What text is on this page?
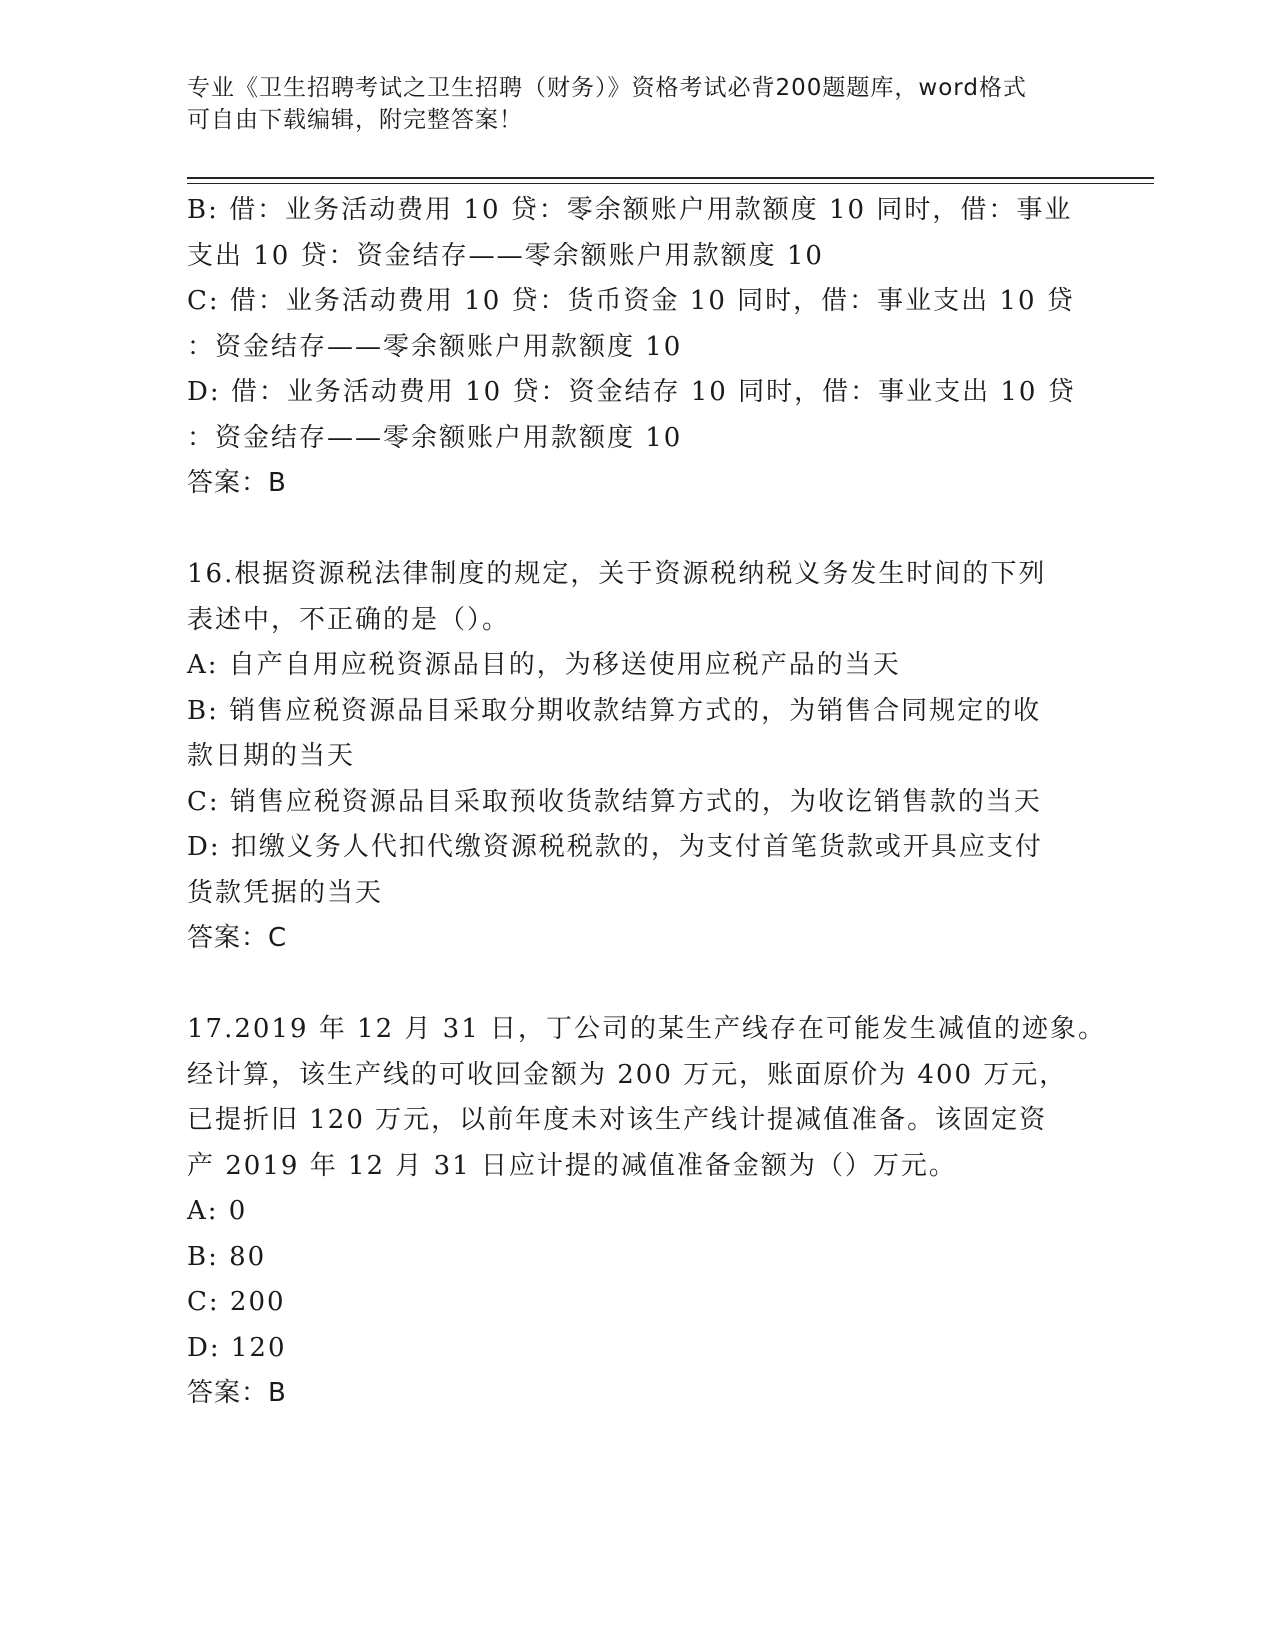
专业《卫生招聘考试之卫生招聘（财务）》资格考试必背200题题库，word格式
可自由下载编辑，附完整答案！
B: 借：业务活动费用 10 贷：零余额账户用款额度 10 同时，借：事业
支出 10 贷：资金结存——零余额账户用款额度 10
C: 借：业务活动费用 10 贷：货币资金 10 同时，借：事业支出 10 贷
：资金结存——零余额账户用款额度 10
D: 借：业务活动费用 10 贷：资金结存 10 同时，借：事业支出 10 贷
：资金结存——零余额账户用款额度 10
答案：B
16.根据资源税法律制度的规定，关于资源税纳税义务发生时间的下列
表述中，不正确的是（）。
A: 自产自用应税资源品目的，为移送使用应税产品的当天
B: 销售应税资源品目采取分期收款结算方式的，为销售合同规定的收
款日期的当天
C: 销售应税资源品目采取预收货款结算方式的，为收讫销售款的当天
D: 扣缴义务人代扣代缴资源税税款的，为支付首笔货款或开具应支付
货款凭据的当天
答案：C
17.2019 年 12 月 31 日，丁公司的某生产线存在可能发生减值的迹象。
经计算，该生产线的可收回金额为 200 万元，账面原价为 400 万元，
已提折旧 120 万元，以前年度未对该生产线计提减值准备。该固定资
产 2019 年 12 月 31 日应计提的减值准备金额为（）万元。
A: 0
B: 80
C: 200
D: 120
答案：B
